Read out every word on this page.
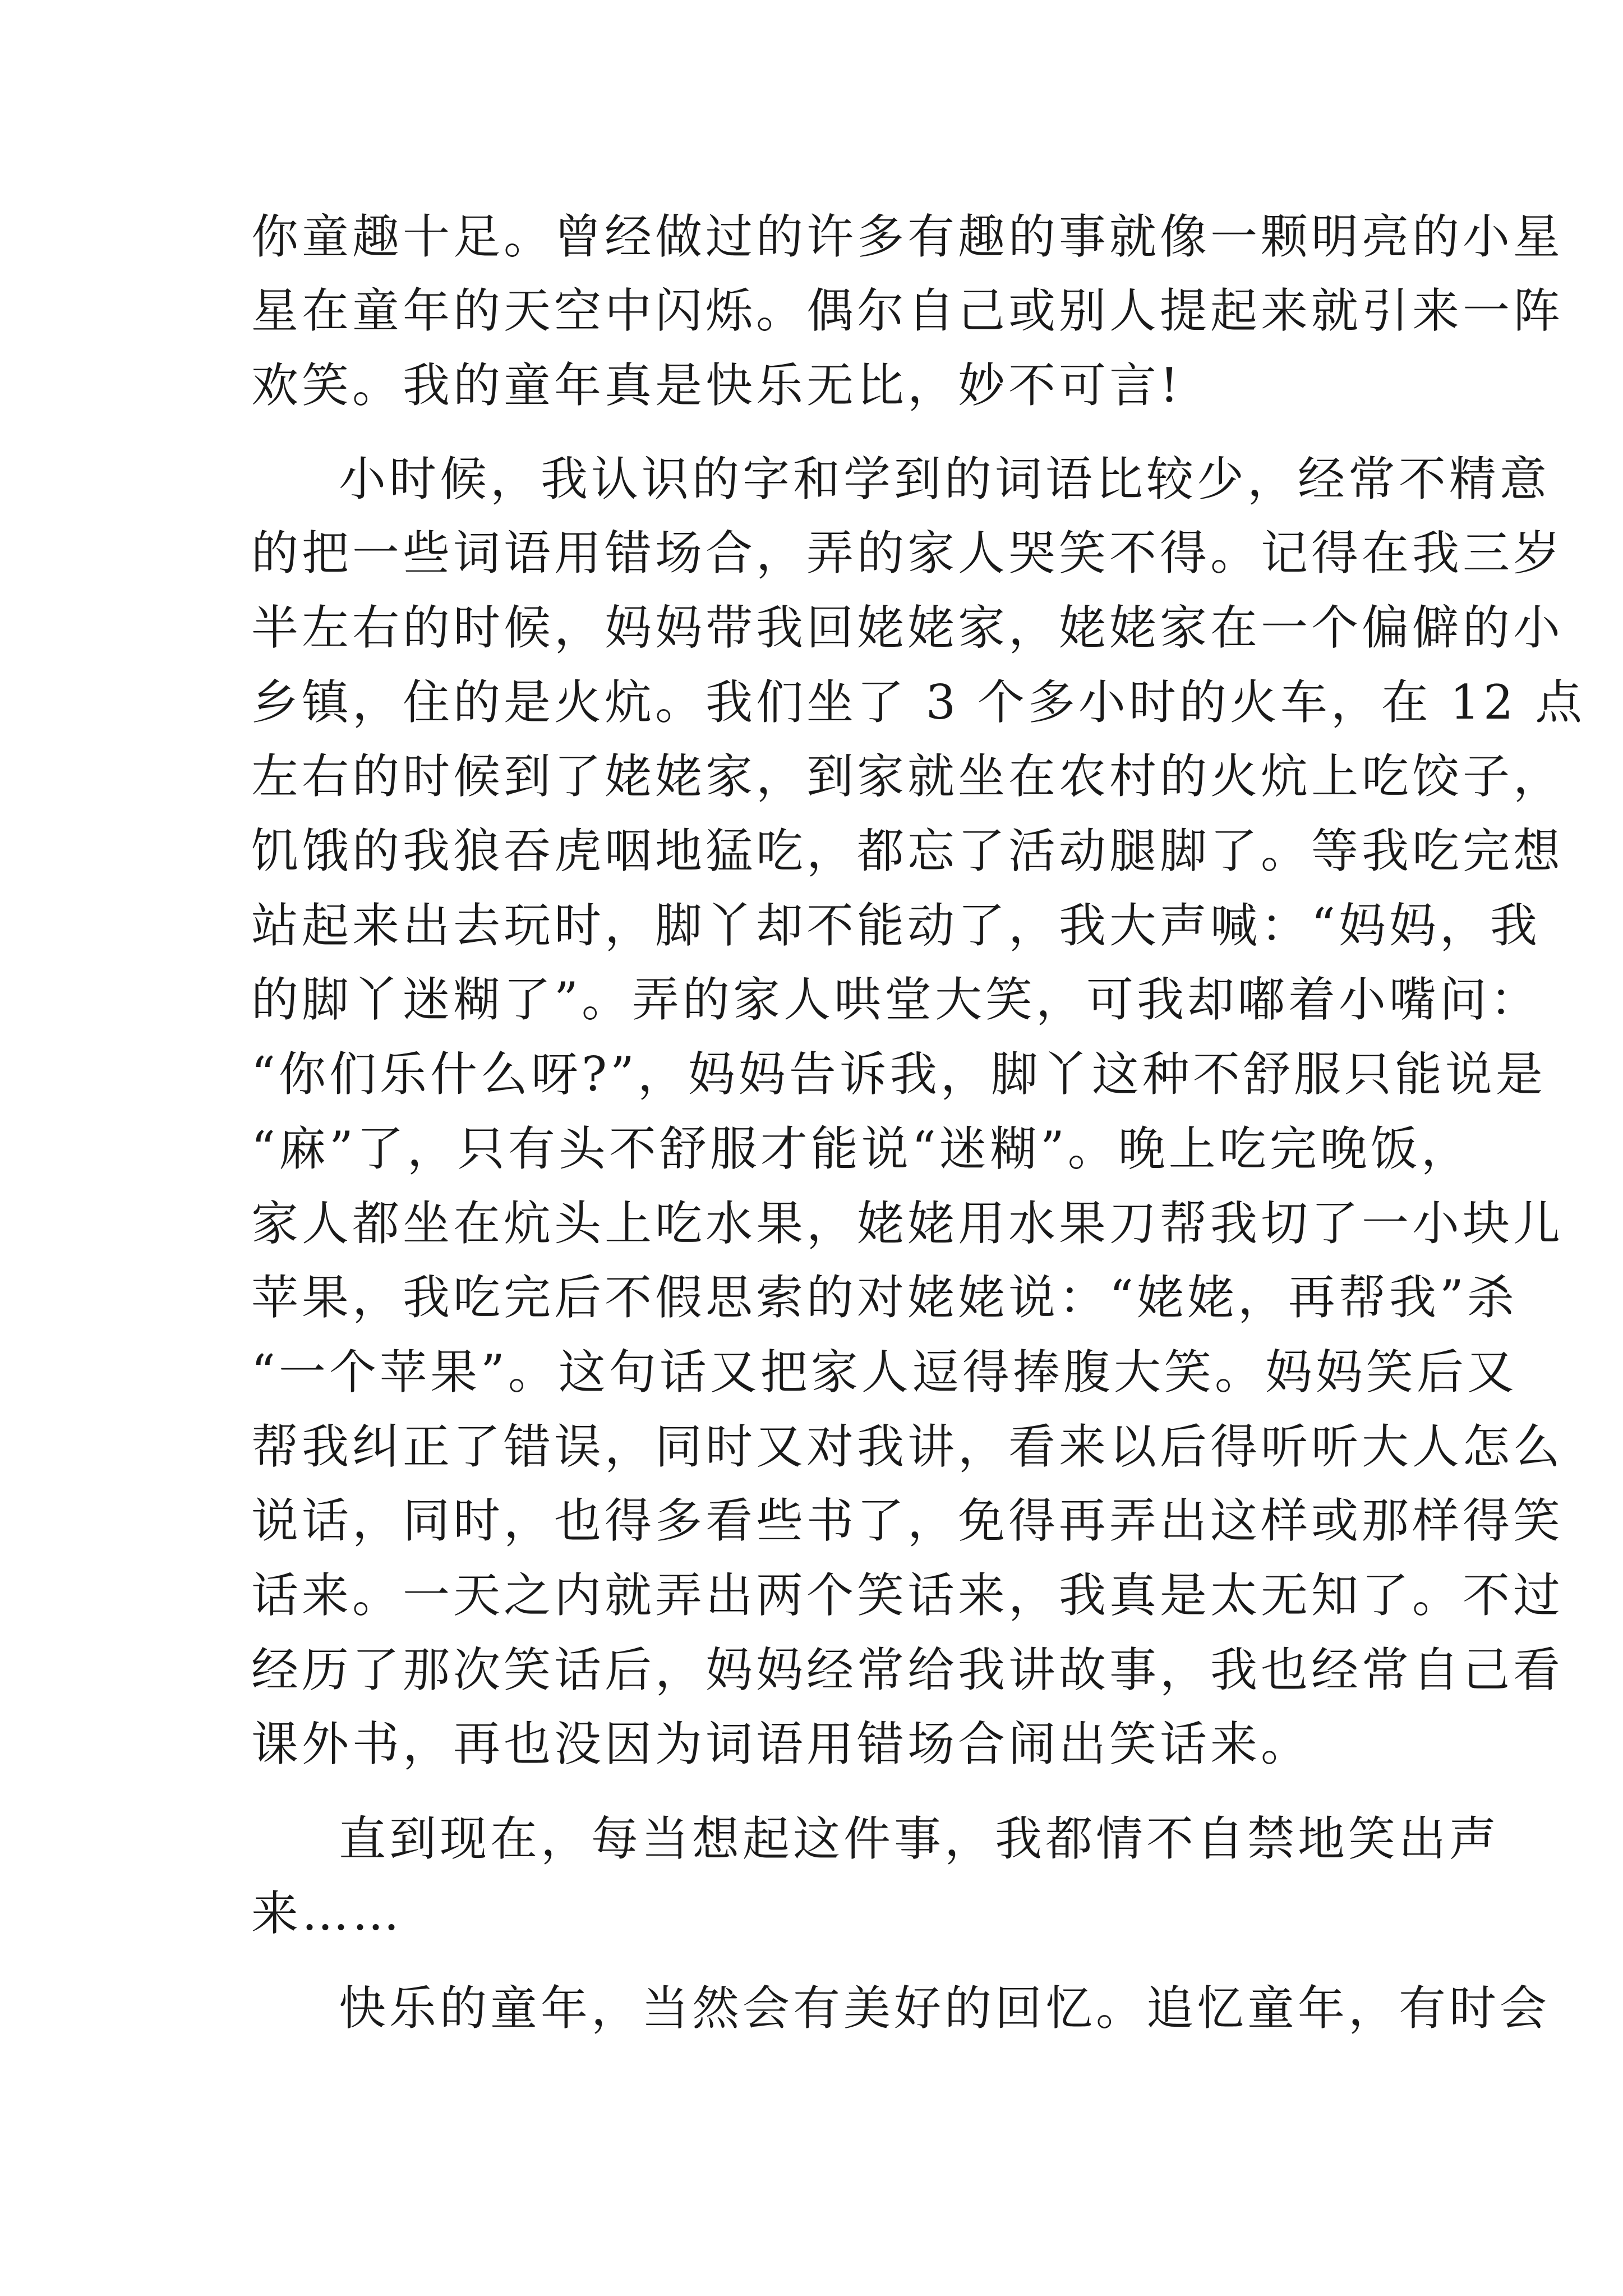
你童趣十足。曾经做过的许多有趣的事就像一颗明亮的小星
星在童年的天空中闪烁。偶尔自己或别人提起来就引来一阵
欢笑。我的童年真是快乐无比，妙不可言!
小时候，我认识的字和学到的词语比较少，经常不精意
的把一些词语用错场合，弄的家人哭笑不得。记得在我三岁
半左右的时候，妈妈带我回姥姥家，姥姥家在一个偏僻的小
乡镇，住的是火炕。我们坐了 3 个多小时的火车，在 12 点
左右的时候到了姥姥家，到家就坐在农村的火炕上吃饺子，
饥饿的我狼吞虎咽地猛吃，都忘了活动腿脚了。等我吃完想
站起来出去玩时，脚丫却不能动了，我大声喊：“妈妈，我
的脚丫迷糊了”。弄的家人哄堂大笑，可我却嘟着小嘴问：
“你们乐什么呀?”，妈妈告诉我，脚丫这种不舒服只能说是
“麻”了，只有头不舒服才能说“迷糊”。晚上吃完晚饭，
家人都坐在炕头上吃水果，姥姥用水果刀帮我切了一小块儿
苹果，我吃完后不假思索的对姥姥说：“姥姥，再帮我”杀
“一个苹果”。这句话又把家人逗得捧腹大笑。妈妈笑后又
帮我纠正了错误，同时又对我讲，看来以后得听听大人怎么
说话，同时，也得多看些书了，免得再弄出这样或那样得笑
话来。一天之内就弄出两个笑话来，我真是太无知了。不过
经历了那次笑话后，妈妈经常给我讲故事，我也经常自己看
课外书，再也没因为词语用错场合闹出笑话来。
直到现在，每当想起这件事，我都情不自禁地笑出声
来……
快乐的童年，当然会有美好的回忆。追忆童年，有时会
